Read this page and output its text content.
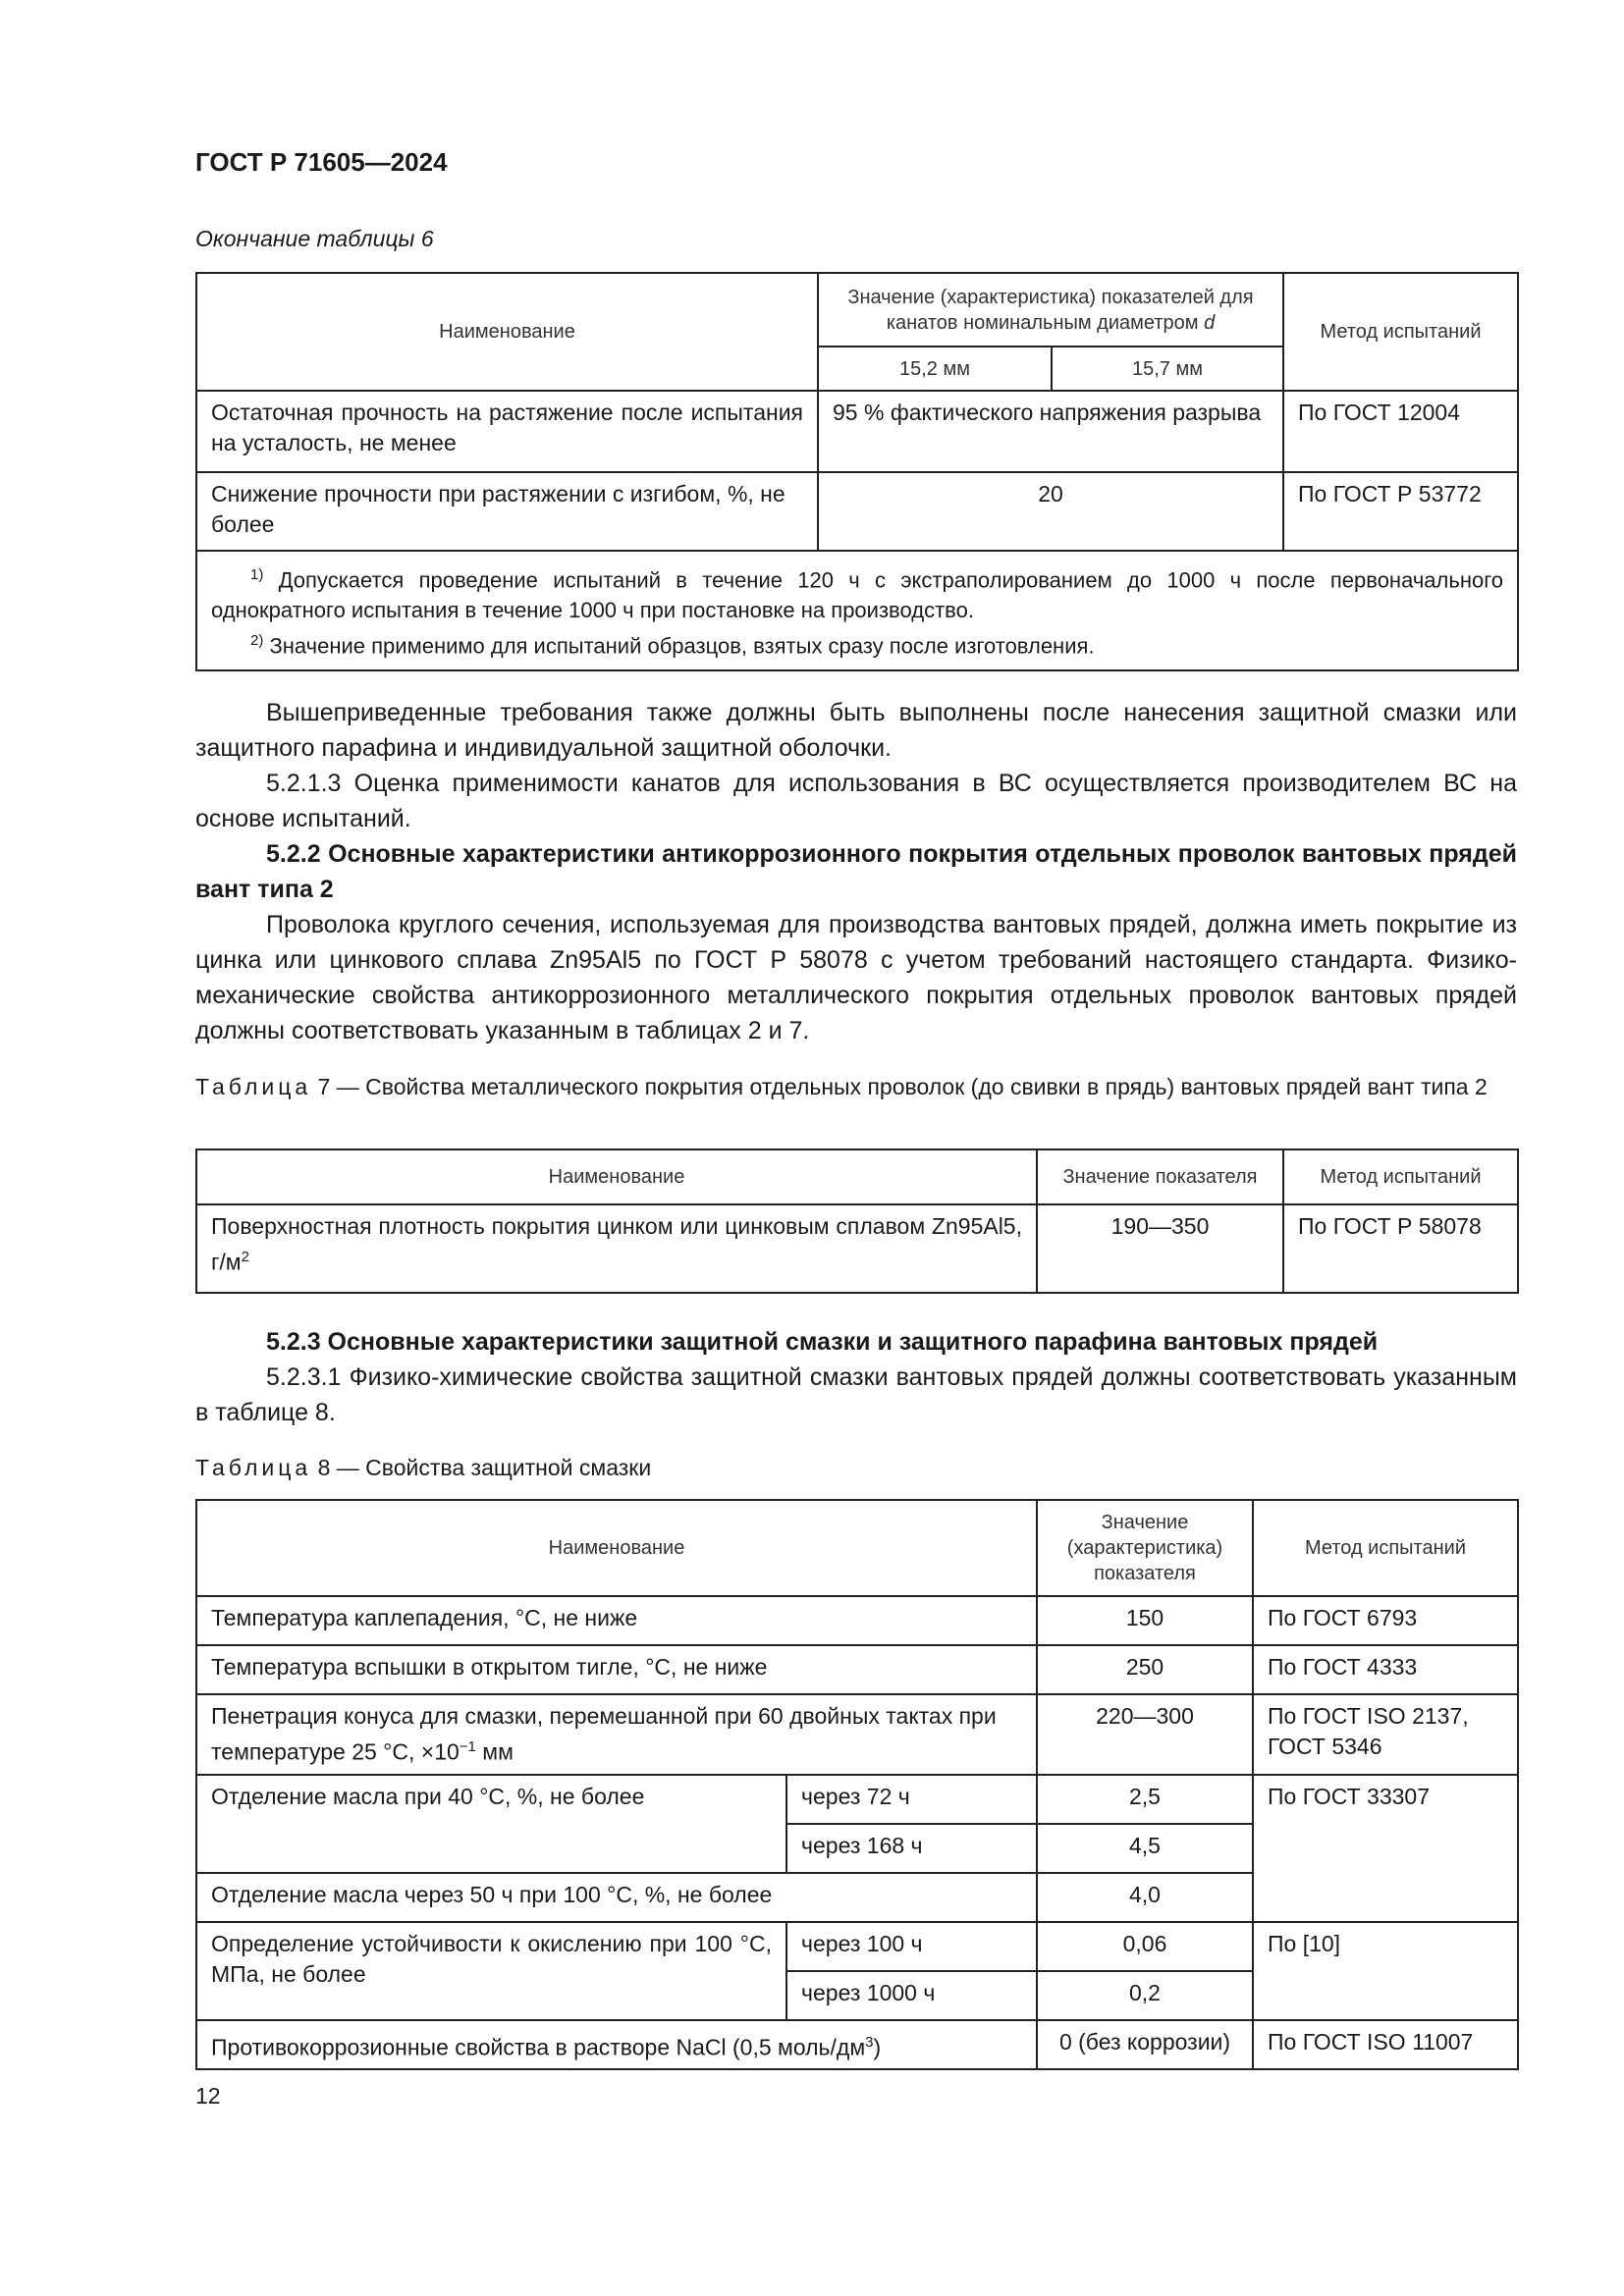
ГОСТ Р 71605—2024
Окончание таблицы 6
Наименование	Значение (характеристика) показателей для канатов номинальным диаметром d		Метод испытаний
	15,2 мм	15,7 мм	
Остаточная прочность на растяжение после испытания на усталость, не менее	95 % фактического напряжения разрыва		По ГОСТ 12004
Снижение прочности при растяжении с изгибом, %, не более	20		По ГОСТ Р 53772

$^{1)}$ Допускается проведение испытаний в течение 120 ч с экстраполированием до 1000 ч после первоначального однократного испытания в течение 1000 ч при постановке на производство.

$^{2)}$ Значение применимо для испытаний образцов, взятых сразу после изготовления.			

Вышеприведенные требования также должны быть выполнены после нанесения защитной смазки или защитного парафина и индивидуальной защитной оболочки.

5.2.1.3 Оценка применимости канатов для использования в ВС осуществляется производителем ВС на основе испытаний.

5.2.2 Основные характеристики антикоррозионного покрытия отдельных проволок вантовых прядей вант типа 2

Проволока круглого сечения, используемая для производства вантовых прядей, должна иметь покрытие из цинка или цинкового сплава Zn95Al5 по ГОСТ Р 58078 с учетом требований настоящего стандарта. Физико-механические свойства антикоррозионного металлического покрытия отдельных проволок вантовых прядей должны соответствовать указанным в таблицах 2 и 7.

Таблица 7 — Свойства металлического покрытия отдельных проволок (до свивки в прядь) вантовых прядей вант типа 2
Наименование	Значение показателя	Метод испытаний
Поверхностная плотность покрытия цинком или цинковым сплавом Zn95Al5, $г/м^2$	190—350	По ГОСТ Р 58078

5.2.3 Основные характеристики защитной смазки и защитного парафина вантовых прядей

5.2.3.1 Физико-химические свойства защитной смазки вантовых прядей должны соответствовать указанным в таблице 8.

Таблица 8 — Свойства защитной смазки
Наименование		Значение (характеристика) показателя	Метод испытаний
Температура каплепадения, °С, не ниже		150	По ГОСТ 6793
Температура вспышки в открытом тигле, °С, не ниже		250	По ГОСТ 4333
Пенетрация конуса для смазки, перемешанной при 60 двойных тактах при температуре 25 °С, $\times 10^{-1}$ мм		220—300	По ГОСТ ISO 2137, ГОСТ 5346
Отделение масла при 40 °С, %, не более	через 72 ч	2,5	По ГОСТ 33307
	через 168 ч	4,5	
Отделение масла через 50 ч при 100 °С, %, не более		4,0	
Определение устойчивости к окислению при 100 °С, МПа, не более	через 100 ч	0,06	По [10]
	через 1000 ч	0,2	
Противокоррозионные свойства в растворе NaCl (0,5 моль/$дм^3$)		0 (без коррозии)	По ГОСТ ISO 11007
12
